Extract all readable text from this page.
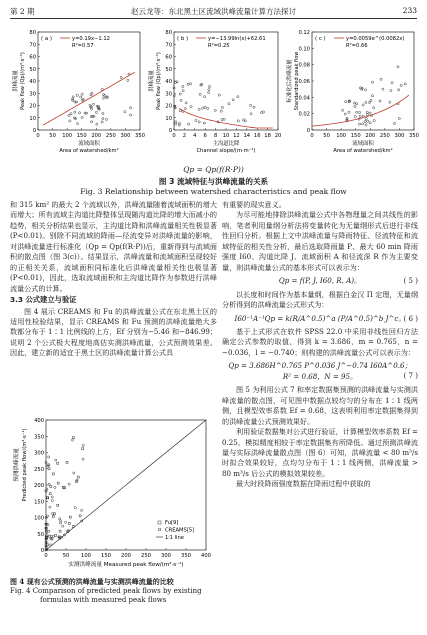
第 2 期	赵云龙等：东北黑土区流域洪峰流量计算方法探讨	233
0
10
20
30
40
50
60
70
80
0 50 100 150 200 250 300 350
( a )	y=0.19x−1.12
R²=0.57
流域面积
Area of watershed/km²
洪峰流量 Peak flow (Qp)/(m³·s⁻¹)
0
10
20
30
40
50
60
70
80
0 2 4 6 8 10 12 14 16 18 20
( b )	y=−13.99ln(x)+62.61
R²=0.25
主沟道比降
Channel slope/(m·m⁻¹)
洪峰流量 Peak flow (Qp)/(m³·s⁻¹)
0
0.02
0.04
0.06
0.08
0.10
0.12
0 50 100 150 200 250 300 350
( c )	y=0.0059e^(0.0082x)
R²=0.66
流域面积
Area of watershed/km²
标准化后洪峰流量 Standardized peak flow
Qp = Qp(f(R·P))
图 3 流域特征与洪峰流量的关系
Fig. 3 Relationship between watershed characteristics and peak flow

和 315 km² 的最大 2 个流域以外，洪峰流量随着流域面积的增大而增大；所有流域主沟道比降整体呈现随沟道比降的增大而减小的趋势，相关分析结果也显示，主沟道比降和洪峰流量相关性极显著(P<0.01)。别除不同流域的降雨—径流变异对洪峰流量的影响，对洪峰流量进行标准化（Qp = Qp(f(R·P))后，重新得到与流域面积的散点图（图 3(c)）。结果显示，洪峰流量和流域面积呈现较好的正相关关系，流域面积同标准化后洪峰流量相关性也极显著(P<0.01)，因此，选取流域面积和主沟道比降作为参数进行洪峰流量公式的计算。

3.3 公式建立与验证

图 4 展示 CREAMS 和 Fu 的洪峰流量公式在东北黑土区的适用性检验结果，显示 CREAMS 和 Fu 预测的洪峰流量绝大多数都分布于 1∶1 比例线的上方，Ef 分别为−5.46 和−846.99；说明 2 个公式极大程度地高估实测洪峰流量，公式预测效果差。因此，建立新的适宜于黑土区的洪峰流量计算公式具

0	50 100 150 200 250 300 350 400
0
50
100
150
200
250
300
350
400
Fu[9]
CREAMS[5]
1∶1 line
实测洪峰流量 Measured peak flow/(m³·s⁻¹)
预测洪峰流量 Predicted peak flow/(m³·s⁻¹)
图 4 现有公式预测的洪峰流量与实测洪峰流量的比较
Fig. 4 Comparison of predicted peak flows by existing
formulas with measured peak flows

有重要的现实意义。

为尽可能地排除洪峰流量公式中各物理量之间共线性的影响，笔者利用量纲分析法将变量转化为无量纲形式后进行非线性回归分析。根据上文中洪峰流量与降雨特征、径流特征和流域特征的相关性分析，最后选取降雨量 P、最大 60 min 降雨强度 I60、沟道比降 J、流域面积 A 和径流深 R 作为主要变量，则洪峰流量公式的基本形式可以表示为：

Qp = f(P, J, I60, R, A)。	( 5 )

以长度和时间作为基本量纲，根据白金汉 Π 定理，无量纲分析得到的洪峰流量公式形式为：

I60⁻¹A⁻¹Qp = k(R/A^0.5)^a (P/A^0.5)^b J^c。
( 6 )

基于上式形式在软件 SPSS 22.0 中采用非线性回归方法确定公式参数的取值，得到 k = 3.686，m = 0.765，n = −0.036，l = −0.740；则构建的洪峰流量公式可以表示为：

Qp = 3.686H^0.765 P^0.036 J^−0.74 I60A^0.6；
R² = 0.68，N = 95。	( 7 )

图 5 为利用公式 7 和率定数据集预测的洪峰流量与实测洪峰流量的散点图，可见图中数据点较均匀的分布在 1∶1 线两侧，且模型效率系数 Ef = 0.68，这表明利用率定数据集得到的洪峰流量公式预测效果好。

利用验证数据集对公式进行验证，计算模型效率系数 Ef = 0.25，模拟精度相较于率定数据集有所降低。通过预测洪峰流量与实际洪峰流量散点图（图 6）可知，洪峰流量 < 80 m³/s 时拟合效果较好，点均匀分布于 1∶1 线两侧，洪峰流量 > 80 m³/s 后公式的模拟效果较差。

最大时段降雨强度数据在降雨过程中获取的
